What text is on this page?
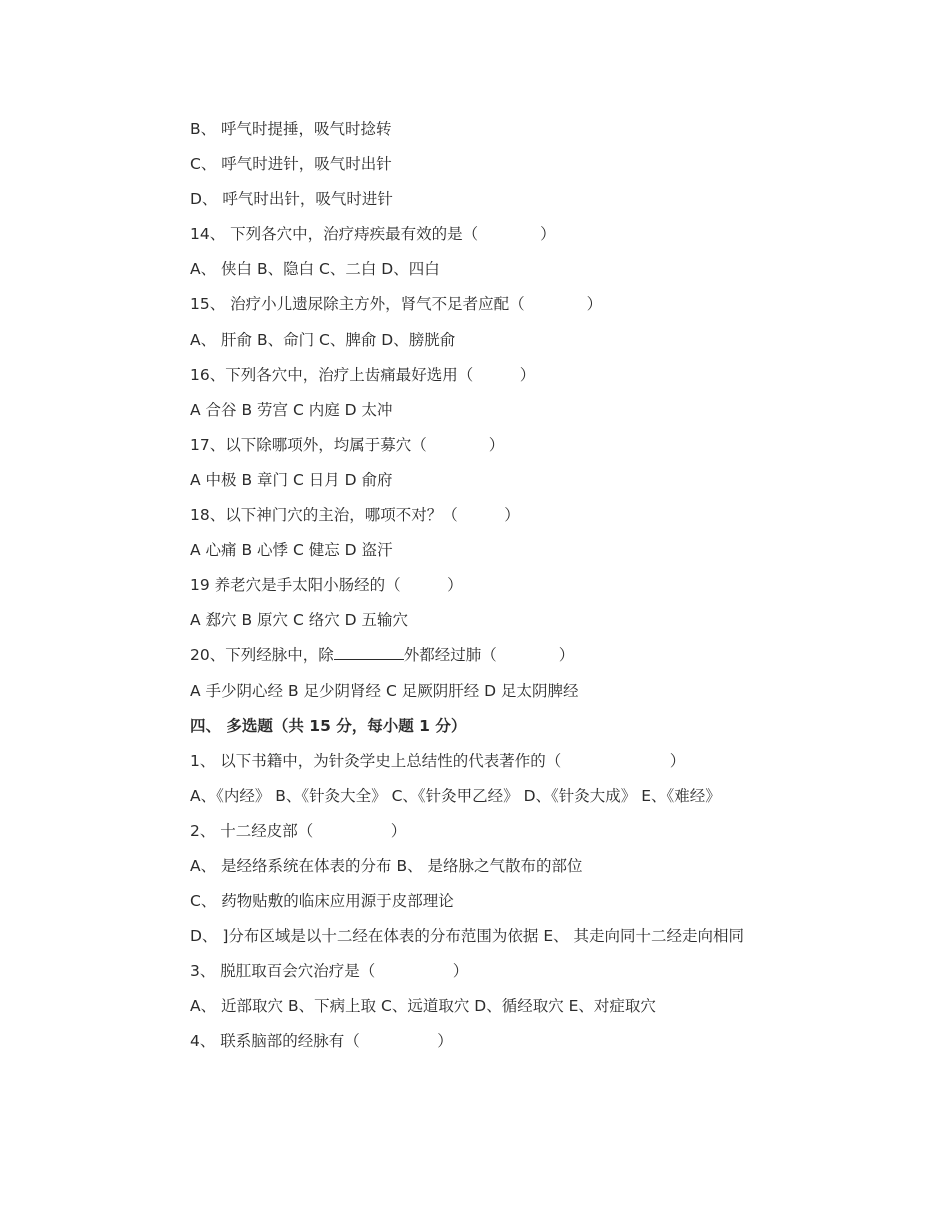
B、 呼气时提捶，吸气时捻转
C、 呼气时进针，吸气时出针
D、 呼气时出针，吸气时进针
14、 下列各穴中，治疗痔疾最有效的是（　　　　）
A、 侠白 B、隐白 C、二白 D、四白
15、 治疗小儿遗尿除主方外，肾气不足者应配（　　　　）
A、 肝俞 B、命门 C、脾俞 D、膀胱俞
16、下列各穴中，治疗上齿痛最好选用（　　　）
A 合谷 B 劳宫 C 内庭 D 太冲
17、以下除哪项外，均属于募穴（　　　　）
A 中极 B 章门 C 日月 D 俞府
18、以下神门穴的主治，哪项不对？（　　　）
A 心痛 B 心悸 C 健忘 D 盗汗
19 养老穴是手太阳小肠经的（　　　）
A 郄穴 B 原穴 C 络穴 D 五输穴
20、下列经脉中，除	外都经过肺（　　　　）
A 手少阴心经 B 足少阴肾经 C 足厥阴肝经 D 足太阴脾经
四、 多选题（共 15 分，每小题 1 分）
1、 以下书籍中，为针灸学史上总结性的代表著作的（　　　　　　　）
A、《内经》 B、《针灸大全》 C、《针灸甲乙经》 D、《针灸大成》 E、《难经》
2、 十二经皮部（　　　　　）
A、 是经络系统在体表的分布 B、 是络脉之气散布的部位
C、 药物贴敷的临床应用源于皮部理论
D、 ]分布区域是以十二经在体表的分布范围为依据 E、 其走向同十二经走向相同
3、 脱肛取百会穴治疗是（　　　　　）
A、 近部取穴 B、下病上取 C、远道取穴 D、循经取穴 E、对症取穴
4、 联系脑部的经脉有（　　　　　）
